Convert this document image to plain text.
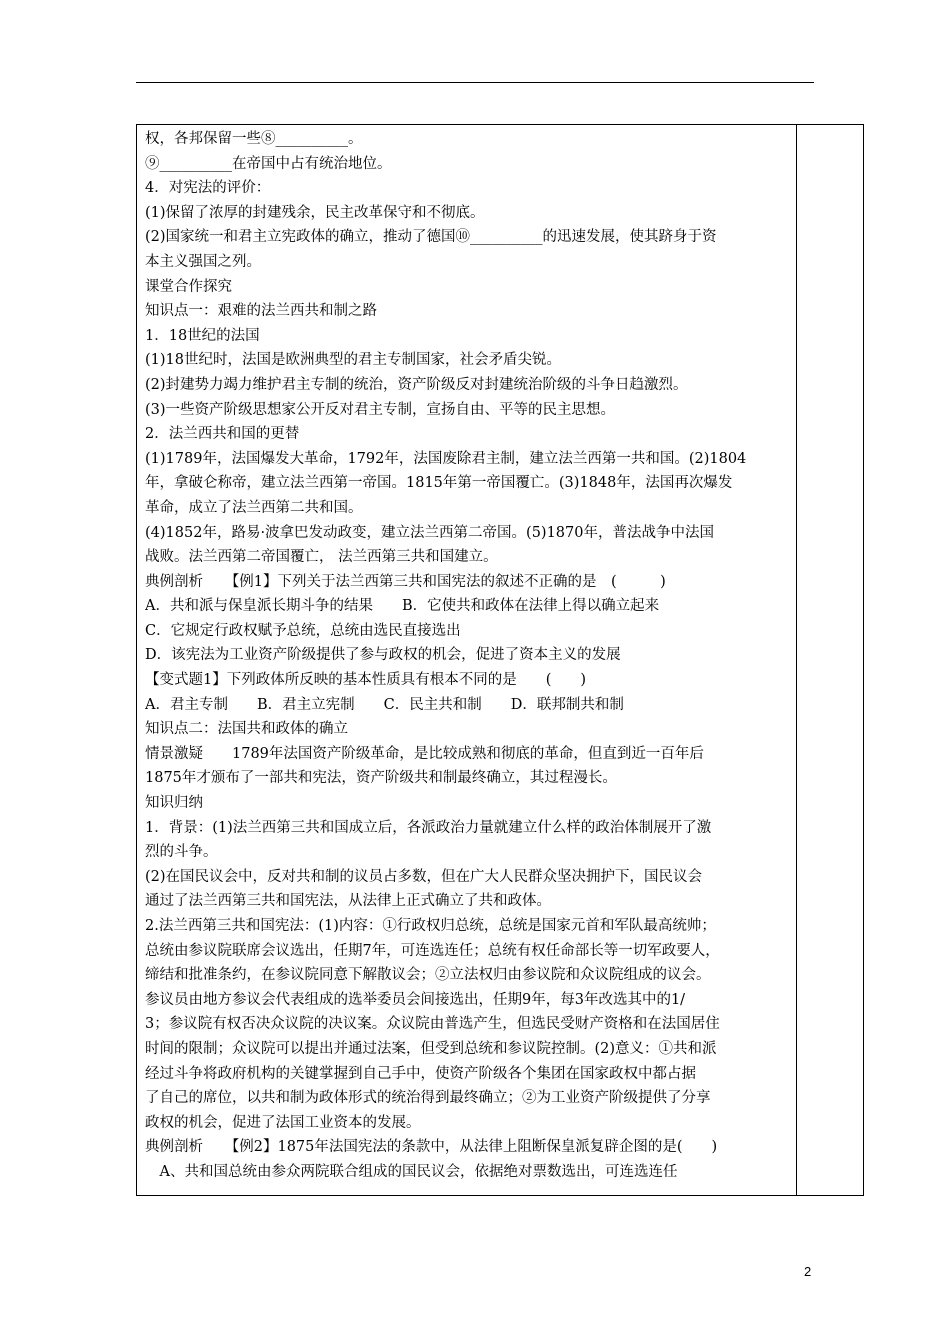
权，各邦保留一些⑧__________。
⑨__________在帝国中占有统治地位。
4．对宪法的评价：
(1)保留了浓厚的封建残余，民主改革保守和不彻底。
(2)国家统一和君主立宪政体的确立，推动了德国⑩__________的迅速发展，使其跻身于资
本主义强国之列。
课堂合作探究
知识点一：艰难的法兰西共和制之路
1．18世纪的法国
(1)18世纪时，法国是欧洲典型的君主专制国家，社会矛盾尖锐。
(2)封建势力竭力维护君主专制的统治，资产阶级反对封建统治阶级的斗争日趋激烈。
(3)一些资产阶级思想家公开反对君主专制，宣扬自由、平等的民主思想。
2．法兰西共和国的更替
(1)1789年，法国爆发大革命，1792年，法国废除君主制，建立法兰西第一共和国。(2)1804
年，拿破仑称帝，建立法兰西第一帝国。1815年第一帝国覆亡。(3)1848年，法国再次爆发
革命，成立了法兰西第二共和国。
(4)1852年，路易·波拿巴发动政变，建立法兰西第二帝国。(5)1870年，普法战争中法国
战败。法兰西第二帝国覆亡， 法兰西第三共和国建立。
典例剖析　　【例1】下列关于法兰西第三共和国宪法的叙述不正确的是　(　　　)
A．共和派与保皇派长期斗争的结果　　B．它使共和政体在法律上得以确立起来
C．它规定行政权赋予总统，总统由选民直接选出
D．该宪法为工业资产阶级提供了参与政权的机会，促进了资本主义的发展
【变式题1】下列政体所反映的基本性质具有根本不同的是　　(　　)
A．君主专制　　B．君主立宪制　　C．民主共和制　　D．联邦制共和制
知识点二：法国共和政体的确立
情景激疑　　1789年法国资产阶级革命，是比较成熟和彻底的革命，但直到近一百年后
1875年才颁布了一部共和宪法，资产阶级共和制最终确立，其过程漫长。
知识归纳
1．背景：(1)法兰西第三共和国成立后，各派政治力量就建立什么样的政治体制展开了激
烈的斗争。
(2)在国民议会中，反对共和制的议员占多数，但在广大人民群众坚决拥护下，国民议会
通过了法兰西第三共和国宪法，从法律上正式确立了共和政体。
2.法兰西第三共和国宪法：(1)内容：①行政权归总统，总统是国家元首和军队最高统帅；
总统由参议院联席会议选出，任期7年，可连选连任；总统有权任命部长等一切军政要人，
缔结和批准条约，在参议院同意下解散议会；②立法权归由参议院和众议院组成的议会。
参议员由地方参议会代表组成的选举委员会间接选出，任期9年，每3年改选其中的1/
3；参议院有权否决众议院的决议案。众议院由普选产生，但选民受财产资格和在法国居住
时间的限制；众议院可以提出并通过法案，但受到总统和参议院控制。(2)意义：①共和派
经过斗争将政府机构的关键掌握到自己手中，使资产阶级各个集团在国家政权中都占据
了自己的席位，以共和制为政体形式的统治得到最终确立；②为工业资产阶级提供了分享
政权的机会，促进了法国工业资本的发展。
典例剖析　　【例2】1875年法国宪法的条款中，从法律上阻断保皇派复辟企图的是(　　)
　A、共和国总统由参众两院联合组成的国民议会，依据绝对票数选出，可连选连任
2
